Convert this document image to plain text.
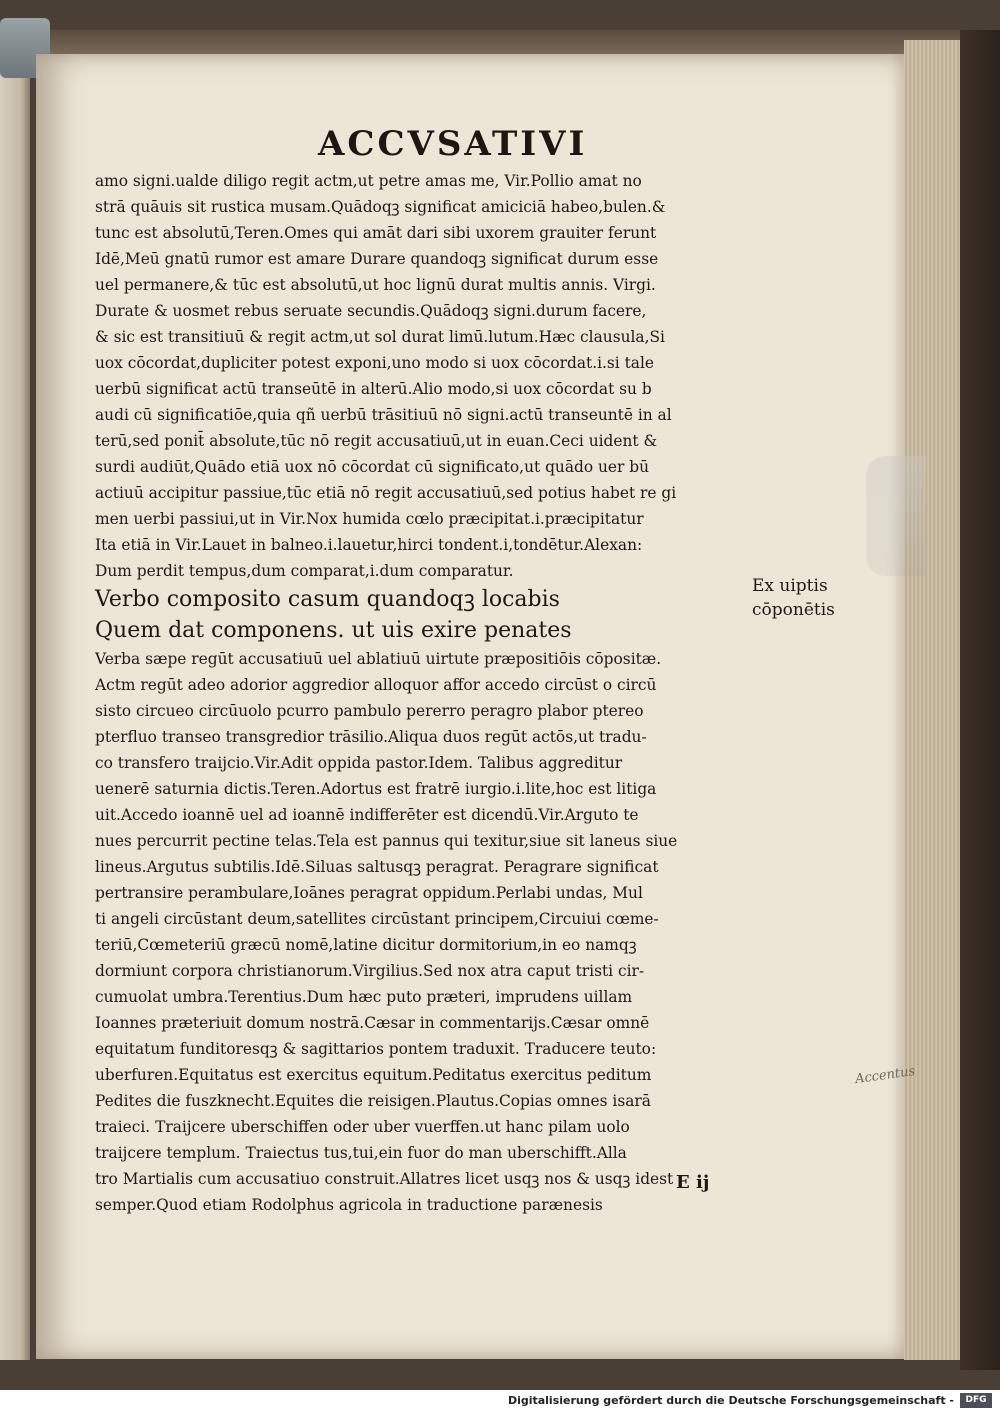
ACCVSATIVI
amo signi.ualde diligo regit actm,ut petre amas me, Vir.Pollio amat no
strā quāuis sit rustica musam.Quādoqꝫ significat amiciciā habeo,bulen.&
tunc est absolutū,Teren.Omes qui amāt dari sibi uxorem grauiter ferunt
Idē,Meū gnatū rumor est amare Durare quandoqꝫ significat durum esse
uel permanere,& tūc est absolutū,ut hoc lignū durat multis annis. Virgi.
Durate & uosmet rebus seruate secundis.Quādoqꝫ signi.durum facere,
& sic est transitiuū & regit actm,ut sol durat limū.lutum.Hæc clausula,Si
uox cōcordat,dupliciter potest exponi,uno modo si uox cōcordat.i.si tale
uerbū significat actū transeūtē in alterū.Alio modo,si uox cōcordat su b
audi cū significatiōe,quia qñ uerbū trāsitiuū nō signi.actū transeuntē in al
terū,sed ponit̄ absolute,tūc nō regit accusatiuū,ut in euan.Ceci uident &
surdi audiūt,Quādo etiā uox nō cōcordat cū significato,ut quādo uer bū
actiuū accipitur passiue,tūc etiā nō regit accusatiuū,sed potius habet re gi
men uerbi passiui,ut in Vir.Nox humida cœlo præcipitat.i.præcipitatur
Ita etiā in Vir.Lauet in balneo.i.lauetur,hirci tondent.i,tondētur.Alexan:
Dum perdit tempus,dum comparat,i.dum comparatur.
Verbo composito casum quandoqꝫ locabis
Quem dat componens. ut uis exire penates
Verba sæpe regūt accusatiuū uel ablatiuū uirtute præpositiōis cōpositæ.
Actm regūt adeo adorior aggredior alloquor affor accedo circūst o circū
sisto circueo circūuolo pcurro pambulo pererro peragro plabor ptereo
pterfluo transeo transgredior trāsilio.Aliqua duos regūt actōs,ut tradu-
co transfero traijcio.Vir.Adit oppida pastor.Idem. Talibus aggreditur
uenerē saturnia dictis.Teren.Adortus est fratrē iurgio.i.lite,hoc est litiga
uit.Accedo ioannē uel ad ioannē indifferēter est dicendū.Vir.Arguto te
nues percurrit pectine telas.Tela est pannus qui texitur,siue sit laneus siue
lineus.Argutus subtilis.Idē.Siluas saltusqꝫ peragrat. Peragrare significat
pertransire perambulare,Ioānes peragrat oppidum.Perlabi undas, Mul
ti angeli circūstant deum,satellites circūstant principem,Circuiui cœme-
teriū,Cœmeteriū græcū nomē,latine dicitur dormitorium,in eo namqꝫ
dormiunt corpora christianorum.Virgilius.Sed nox atra caput tristi cir-
cumuolat umbra.Terentius.Dum hæc puto præteri, imprudens uillam
Ioannes præteriuit domum nostrā.Cæsar in commentarijs.Cæsar omnē
equitatum funditoresqꝫ & sagittarios pontem traduxit. Traducere teuto:
uberfuren.Equitatus est exercitus equitum.Peditatus exercitus peditum
Pedites die fuszknecht.Equites die reisigen.Plautus.Copias omnes isarā
traieci. Traijcere uberschiffen oder uber vuerffen.ut hanc pilam uolo
traijcere templum. Traiectus tus,tui,ein fuor do man uberschifft.Alla
tro Martialis cum accusatiuo construit.Allatres licet usqꝫ nos & usqꝫ idest
semper.Quod etiam Rodolphus agricola in traductione parænesis
Ex uiptis
cōponētis
Accentus
E ij
Digitalisierung gefördert durch die Deutsche Forschungsgemeinschaft -	DFG
